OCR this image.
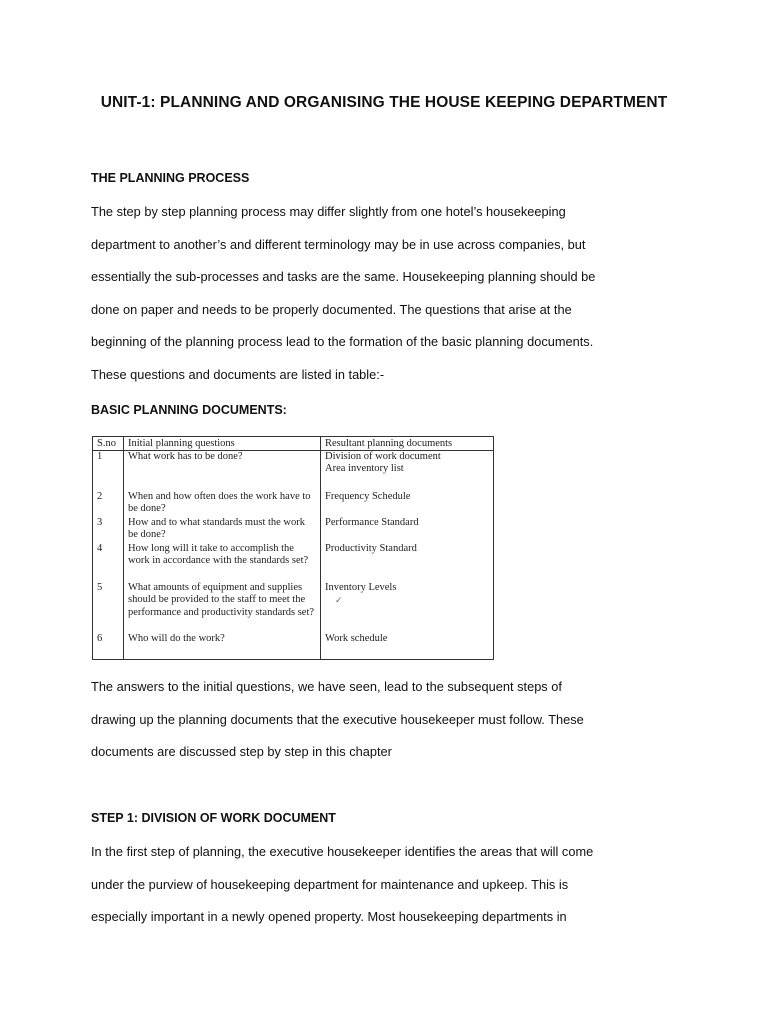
UNIT-1: PLANNING AND ORGANISING THE HOUSE KEEPING DEPARTMENT
THE PLANNING PROCESS
The step by step planning process may differ slightly from one hotel’s housekeeping
department to another’s and different terminology may be in use across companies, but
essentially the sub-processes and tasks are the same. Housekeeping planning should be
done on paper and needs to be properly documented. The questions that arise at the
beginning of the planning process lead to the formation of the basic planning documents.
These questions and documents are listed in table:-
BASIC PLANNING DOCUMENTS:
S.no	Initial planning questions	Resultant planning documents
1	What work has to be done?	Division of work document
Area inventory list
2	When and how often does the work have to be done?	Frequency Schedule
3	How and to what standards must the work be done?	Performance Standard
4	How long will it take to accomplish the work in accordance with the standards set?	Productivity Standard
5	What amounts of equipment and supplies should be provided to the staff to meet the performance and productivity standards set?	Inventory Levels
✓

6	Who will do the work?	Work schedule
The answers to the initial questions, we have seen, lead to the subsequent steps of
drawing up the planning documents that the executive housekeeper must follow. These
documents are discussed step by step in this chapter
STEP 1: DIVISION OF WORK DOCUMENT
In the first step of planning, the executive housekeeper identifies the areas that will come
under the purview of housekeeping department for maintenance and upkeep. This is
especially important in a newly opened property. Most housekeeping departments in
